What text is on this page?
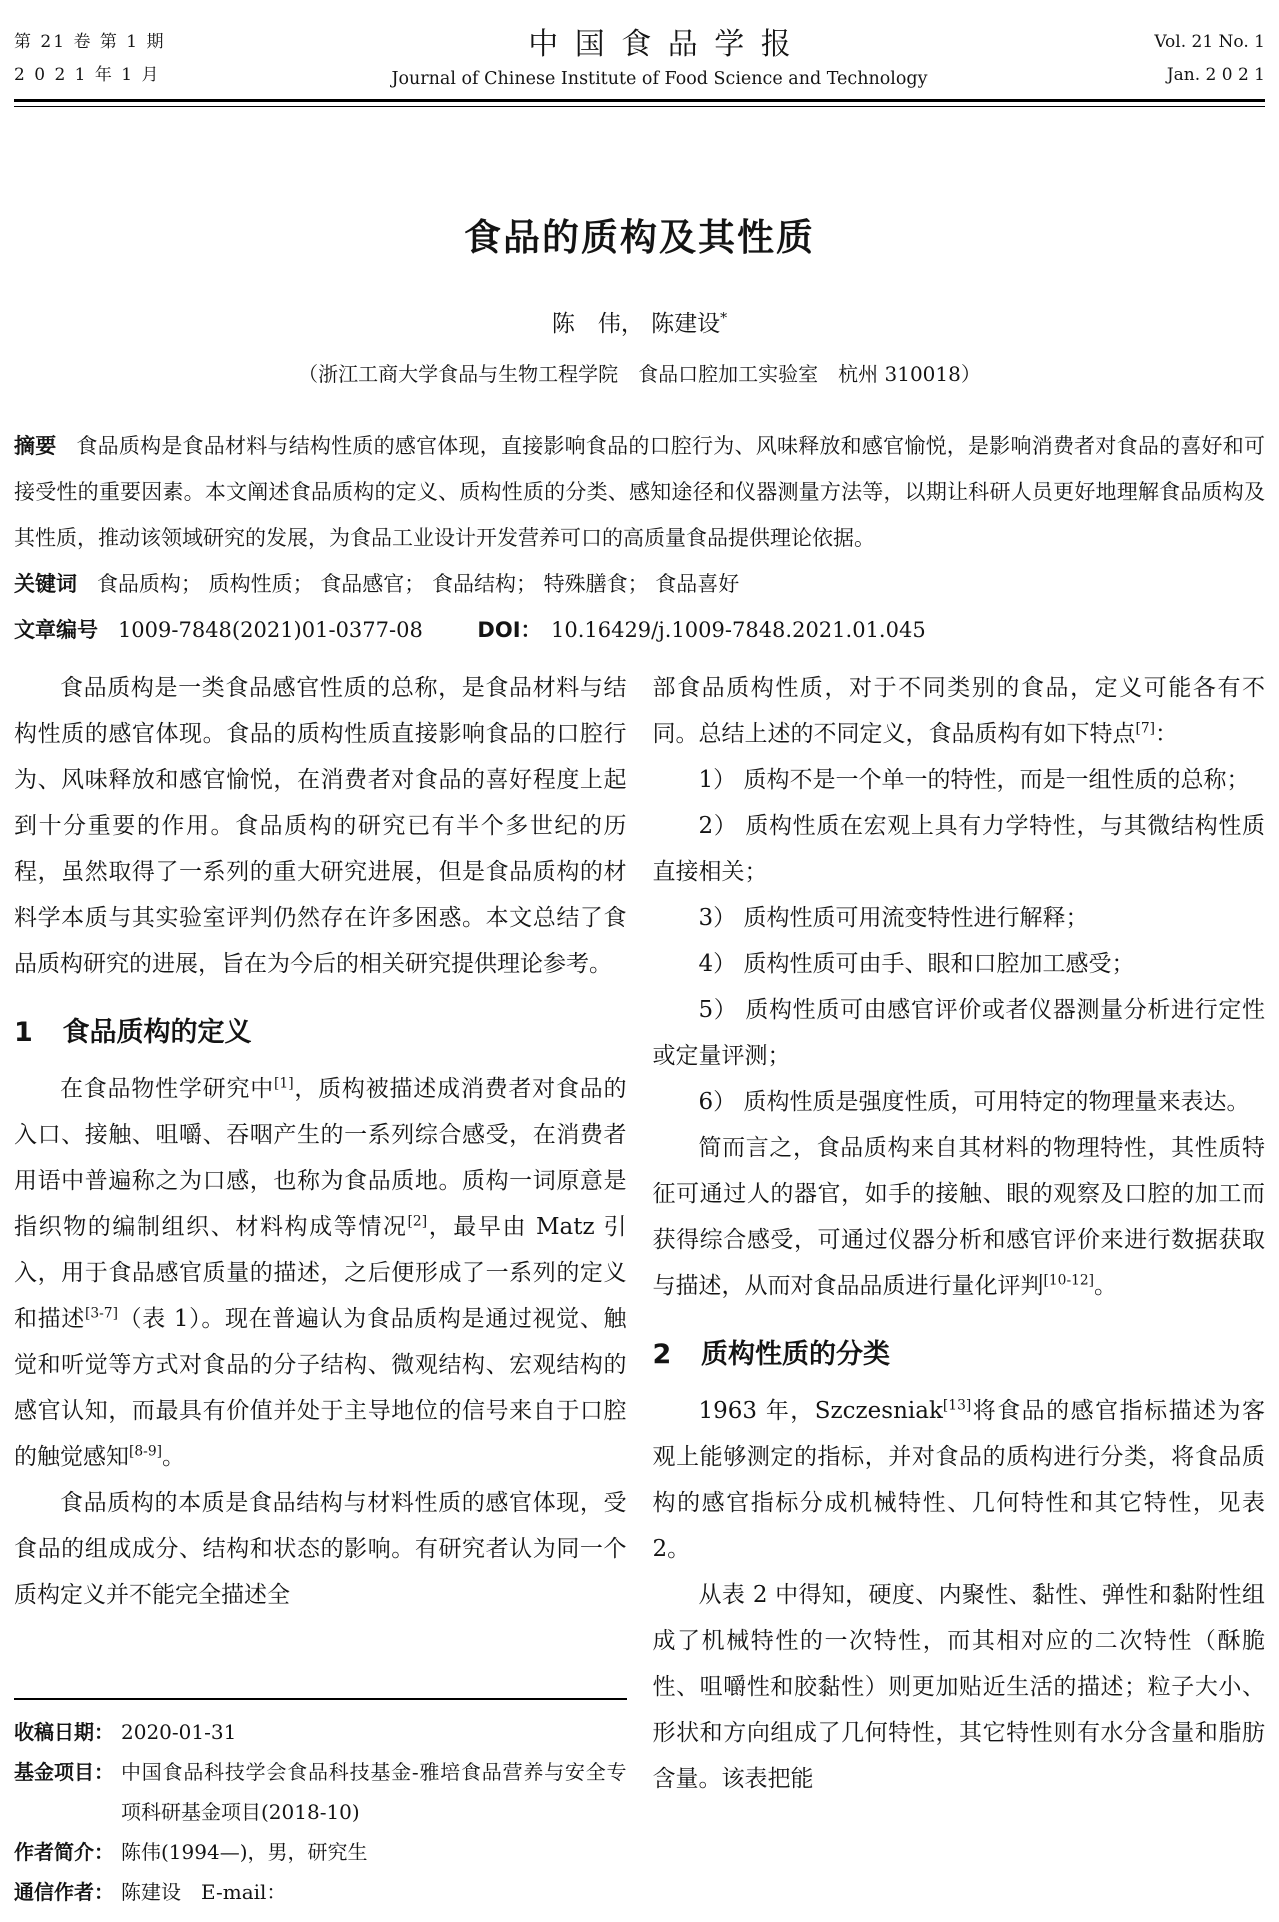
第 21 卷 第 1 期
2 0 2 1 年 1 月
中国食品学报
Journal of Chinese Institute of Food Science and Technology
Vol. 21 No. 1
Jan. 2 0 2 1
食品的质构及其性质
陈　伟， 陈建设*
（浙江工商大学食品与生物工程学院　食品口腔加工实验室　杭州 310018）

摘要 食品质构是食品材料与结构性质的感官体现，直接影响食品的口腔行为、风味释放和感官愉悦，是影响消费者对食品的喜好和可接受性的重要因素。本文阐述食品质构的定义、质构性质的分类、感知途径和仪器测量方法等，以期让科研人员更好地理解食品质构及其性质，推动该领域研究的发展，为食品工业设计开发营养可口的高质量食品提供理论依据。

关键词 食品质构； 质构性质； 食品感官； 食品结构； 特殊膳食； 食品喜好

文章编号 1009-7848(2021)01-0377-08	DOI： 10.16429/j.1009-7848.2021.01.045

食品质构是一类食品感官性质的总称，是食品材料与结构性质的感官体现。食品的质构性质直接影响食品的口腔行为、风味释放和感官愉悦，在消费者对食品的喜好程度上起到十分重要的作用。食品质构的研究已有半个多世纪的历程，虽然取得了一系列的重大研究进展，但是食品质构的材料学本质与其实验室评判仍然存在许多困惑。本文总结了食品质构研究的进展，旨在为今后的相关研究提供理论参考。

1 食品质构的定义

在食品物性学研究中[1]，质构被描述成消费者对食品的入口、接触、咀嚼、吞咽产生的一系列综合感受，在消费者用语中普遍称之为口感，也称为食品质地。质构一词原意是指织物的编制组织、材料构成等情况[2]，最早由 Matz 引入，用于食品感官质量的描述，之后便形成了一系列的定义和描述[3-7]（表 1）。现在普遍认为食品质构是通过视觉、触觉和听觉等方式对食品的分子结构、微观结构、宏观结构的感官认知，而最具有价值并处于主导地位的信号来自于口腔的触觉感知[8-9]。

食品质构的本质是食品结构与材料性质的感官体现，受食品的组成成分、结构和状态的影响。有研究者认为同一个质构定义并不能完全描述全

收稿日期： 2020-01-31
基金项目： 中国食品科技学会食品科技基金-雅培食品营养与安全专项科研基金项目(2018-10)
作者简介： 陈伟(1994—)，男，研究生
通信作者： 陈建设　E-mail：

部食品质构性质，对于不同类别的食品，定义可能各有不同。总结上述的不同定义，食品质构有如下特点[7]：

1） 质构不是一个单一的特性，而是一组性质的总称；

2） 质构性质在宏观上具有力学特性，与其微结构性质直接相关；

3） 质构性质可用流变特性进行解释；

4） 质构性质可由手、眼和口腔加工感受；

5） 质构性质可由感官评价或者仪器测量分析进行定性或定量评测；

6） 质构性质是强度性质，可用特定的物理量来表达。

简而言之，食品质构来自其材料的物理特性，其性质特征可通过人的器官，如手的接触、眼的观察及口腔的加工而获得综合感受，可通过仪器分析和感官评价来进行数据获取与描述，从而对食品品质进行量化评判[10-12]。

2 质构性质的分类

1963 年，Szczesniak[13]将食品的感官指标描述为客观上能够测定的指标，并对食品的质构进行分类，将食品质构的感官指标分成机械特性、几何特性和其它特性，见表 2。

从表 2 中得知，硬度、内聚性、黏性、弹性和黏附性组成了机械特性的一次特性，而其相对应的二次特性（酥脆性、咀嚼性和胶黏性）则更加贴近生活的描述；粒子大小、形状和方向组成了几何特性，其它特性则有水分含量和脂肪含量。该表把能
